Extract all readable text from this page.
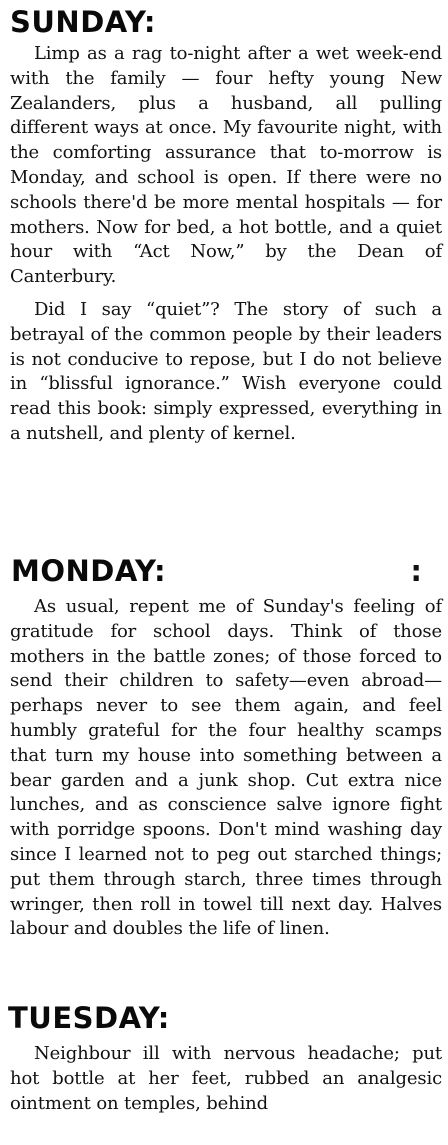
SUNDAY:

Limp as a rag to-night after a wet week-end with the family — four hefty young New Zealanders, plus a husband, all pulling different ways at once. My favourite night, with the comforting assurance that to-morrow is Monday, and school is open. If there were no schools there'd be more mental hospitals — for mothers. Now for bed, a hot bottle, and a quiet hour with “Act Now,” by the Dean of Canterbury.

Did I say “quiet”? The story of such a betrayal of the common people by their leaders is not conducive to repose, but I do not believe in “blissful ignorance.” Wish everyone could read this book: simply expressed, everything in a nutshell, and plenty of kernel.

MONDAY:	:

As usual, repent me of Sunday's feeling of gratitude for school days. Think of those mothers in the battle zones; of those forced to send their children to safety—even abroad—perhaps never to see them again, and feel humbly grateful for the four healthy scamps that turn my house into something between a bear garden and a junk shop. Cut extra nice lunches, and as conscience salve ignore fight with porridge spoons. Don't mind washing day since I learned not to peg out starched things; put them through starch, three times through wringer, then roll in towel till next day. Halves labour and doubles the life of linen.

TUESDAY:

Neighbour ill with nervous headache; put hot bottle at her feet, rubbed an analgesic ointment on temples, behind
